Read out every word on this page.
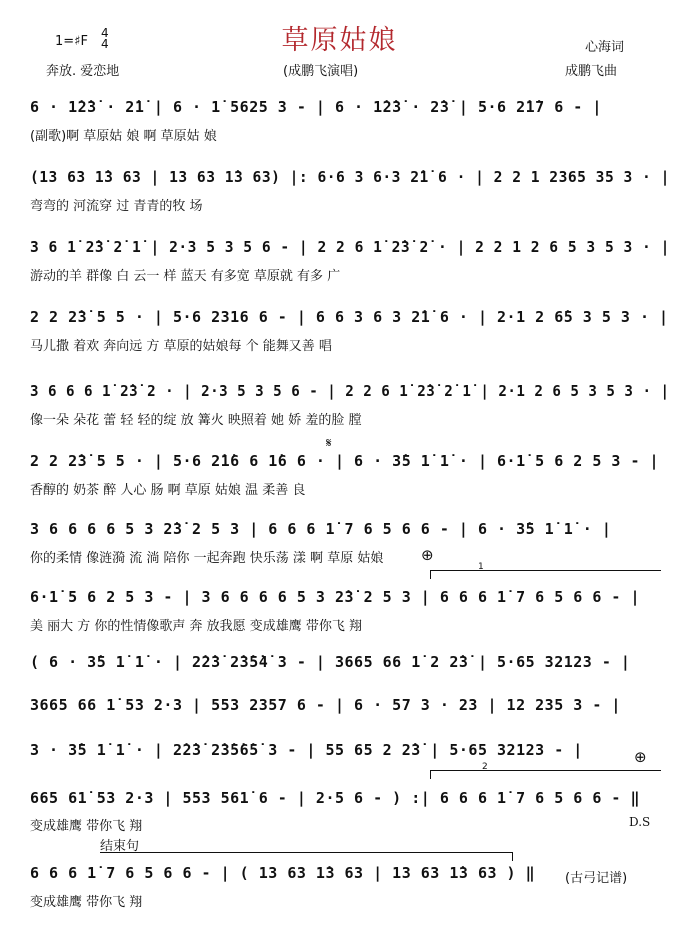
草原姑娘
1=♯F
4
4
奔放. 爱恋地	(成鹏飞演唱)
心海词
成鹏飞曲
6 · 1̇2̇3̇ · 2̇1̇ | 6 · 1̇ 5625 3 - | 6 · 1̇2̇3̇ · 2̇3̇ | 5·6 2̇1̇7 6 - |
(副歌)啊 草原姑 娘 啊 草原姑 娘
(13 63 1̇3 63 | 13 63 1̇3 63) |: 6·6 3 6·3 2̇1̇ 6 · | 2 2 1 2365 35 3 · |
弯弯的 河流穿 过 青青的牧 场
3 6 1̇ 2̇3̇ 2̇ 1̇ | 2·3 5 3 5 6 - | 2 2 6 1̇ 2̇3̇ 2̇ · | 2 2 1 2 6 5 3 5 3 · |
游动的羊 群像 白 云一 样 蓝天 有多宽 草原就 有多 广
2 2 2̇3̇ 5 5 · | 5·6 2316 6 - | 6 6 3 6 3 2̇1̇ 6 · | 2·1 2 6̇5 3 5 3 · |
马儿撒 着欢 奔向远 方 草原的姑娘每 个 能舞又善 唱
3 6 6 6 1̇ 2̇3̇ 2 · | 2·3 5 3 5 6 - | 2 2 6 1̇ 2̇3̇ 2̇ 1̇ | 2·1 2 6 5 3 5 3 · |
像一朵 朵花 蕾 轻 轻的绽 放 篝火 映照着 她 娇 羞的脸 膛
2 2 2̇3̇ 5 5 · | 5·6 2̇1̇6 6 1̇6 6 · | 6 · 3̇5 1̇ 1̇ · | 6·1̇ 5 6 2 5 3 - |
香醇的 奶茶 醉 人心 肠 啊 草原 姑娘 温 柔善 良
3 6 6 6 6 5 3 2̇3̇ 2 5 3 | 6 6 6 1̇ 7 6 5 6 6 - | 6 · 3̇5 1̇ 1̇ · |
你的柔情 像涟漪 流 淌 陪你 一起奔跑 快乐荡 漾 啊 草原 姑娘
6·1̇ 5 6 2 5 3 - | 3 6 6 6 6 5 3 2̇3̇ 2 5 3 | 6 6 6 1̇ 7 6 5 6 6 - |
美 丽大 方 你的性情像歌声 奔 放我愿 变成雄鹰 带你飞 翔
( 6 · 3̇5 1̇ 1̇ · | 2̇2̇3̇ 2̇3̇5̇4̇ 3 - | 3665 66 1̇ 2 2̇3̇ | 5·65 32123 - |
3665 66 1̇ 53 2·3 | 553 2357 6 - | 6 · 57 3 · 23 | 12 235 3 - |
3 · 3̇5 1̇ 1̇ · | 2̇2̇3̇ 2̇3̇5̇6̇5̇ 3 - | 55 65 2 2̇3̇ | 5·65 32123 - |
665 61̇ 53 2·3 | 553 561̇ 6 - | 2·5 6 - ) :| 6 6 6 1̇ 7 6 5 6 6 - ‖
变成雄鹰 带你飞 翔
6 6 6 1̇ 7 6 5 6 6 - | ( 13 63 1̇3 63 | 13 63 1̇3 63 ) ‖
变成雄鹰 带你飞 翔
𝄋
⊕
⊕
1
2
D.S
结束句
(古弓记谱)
